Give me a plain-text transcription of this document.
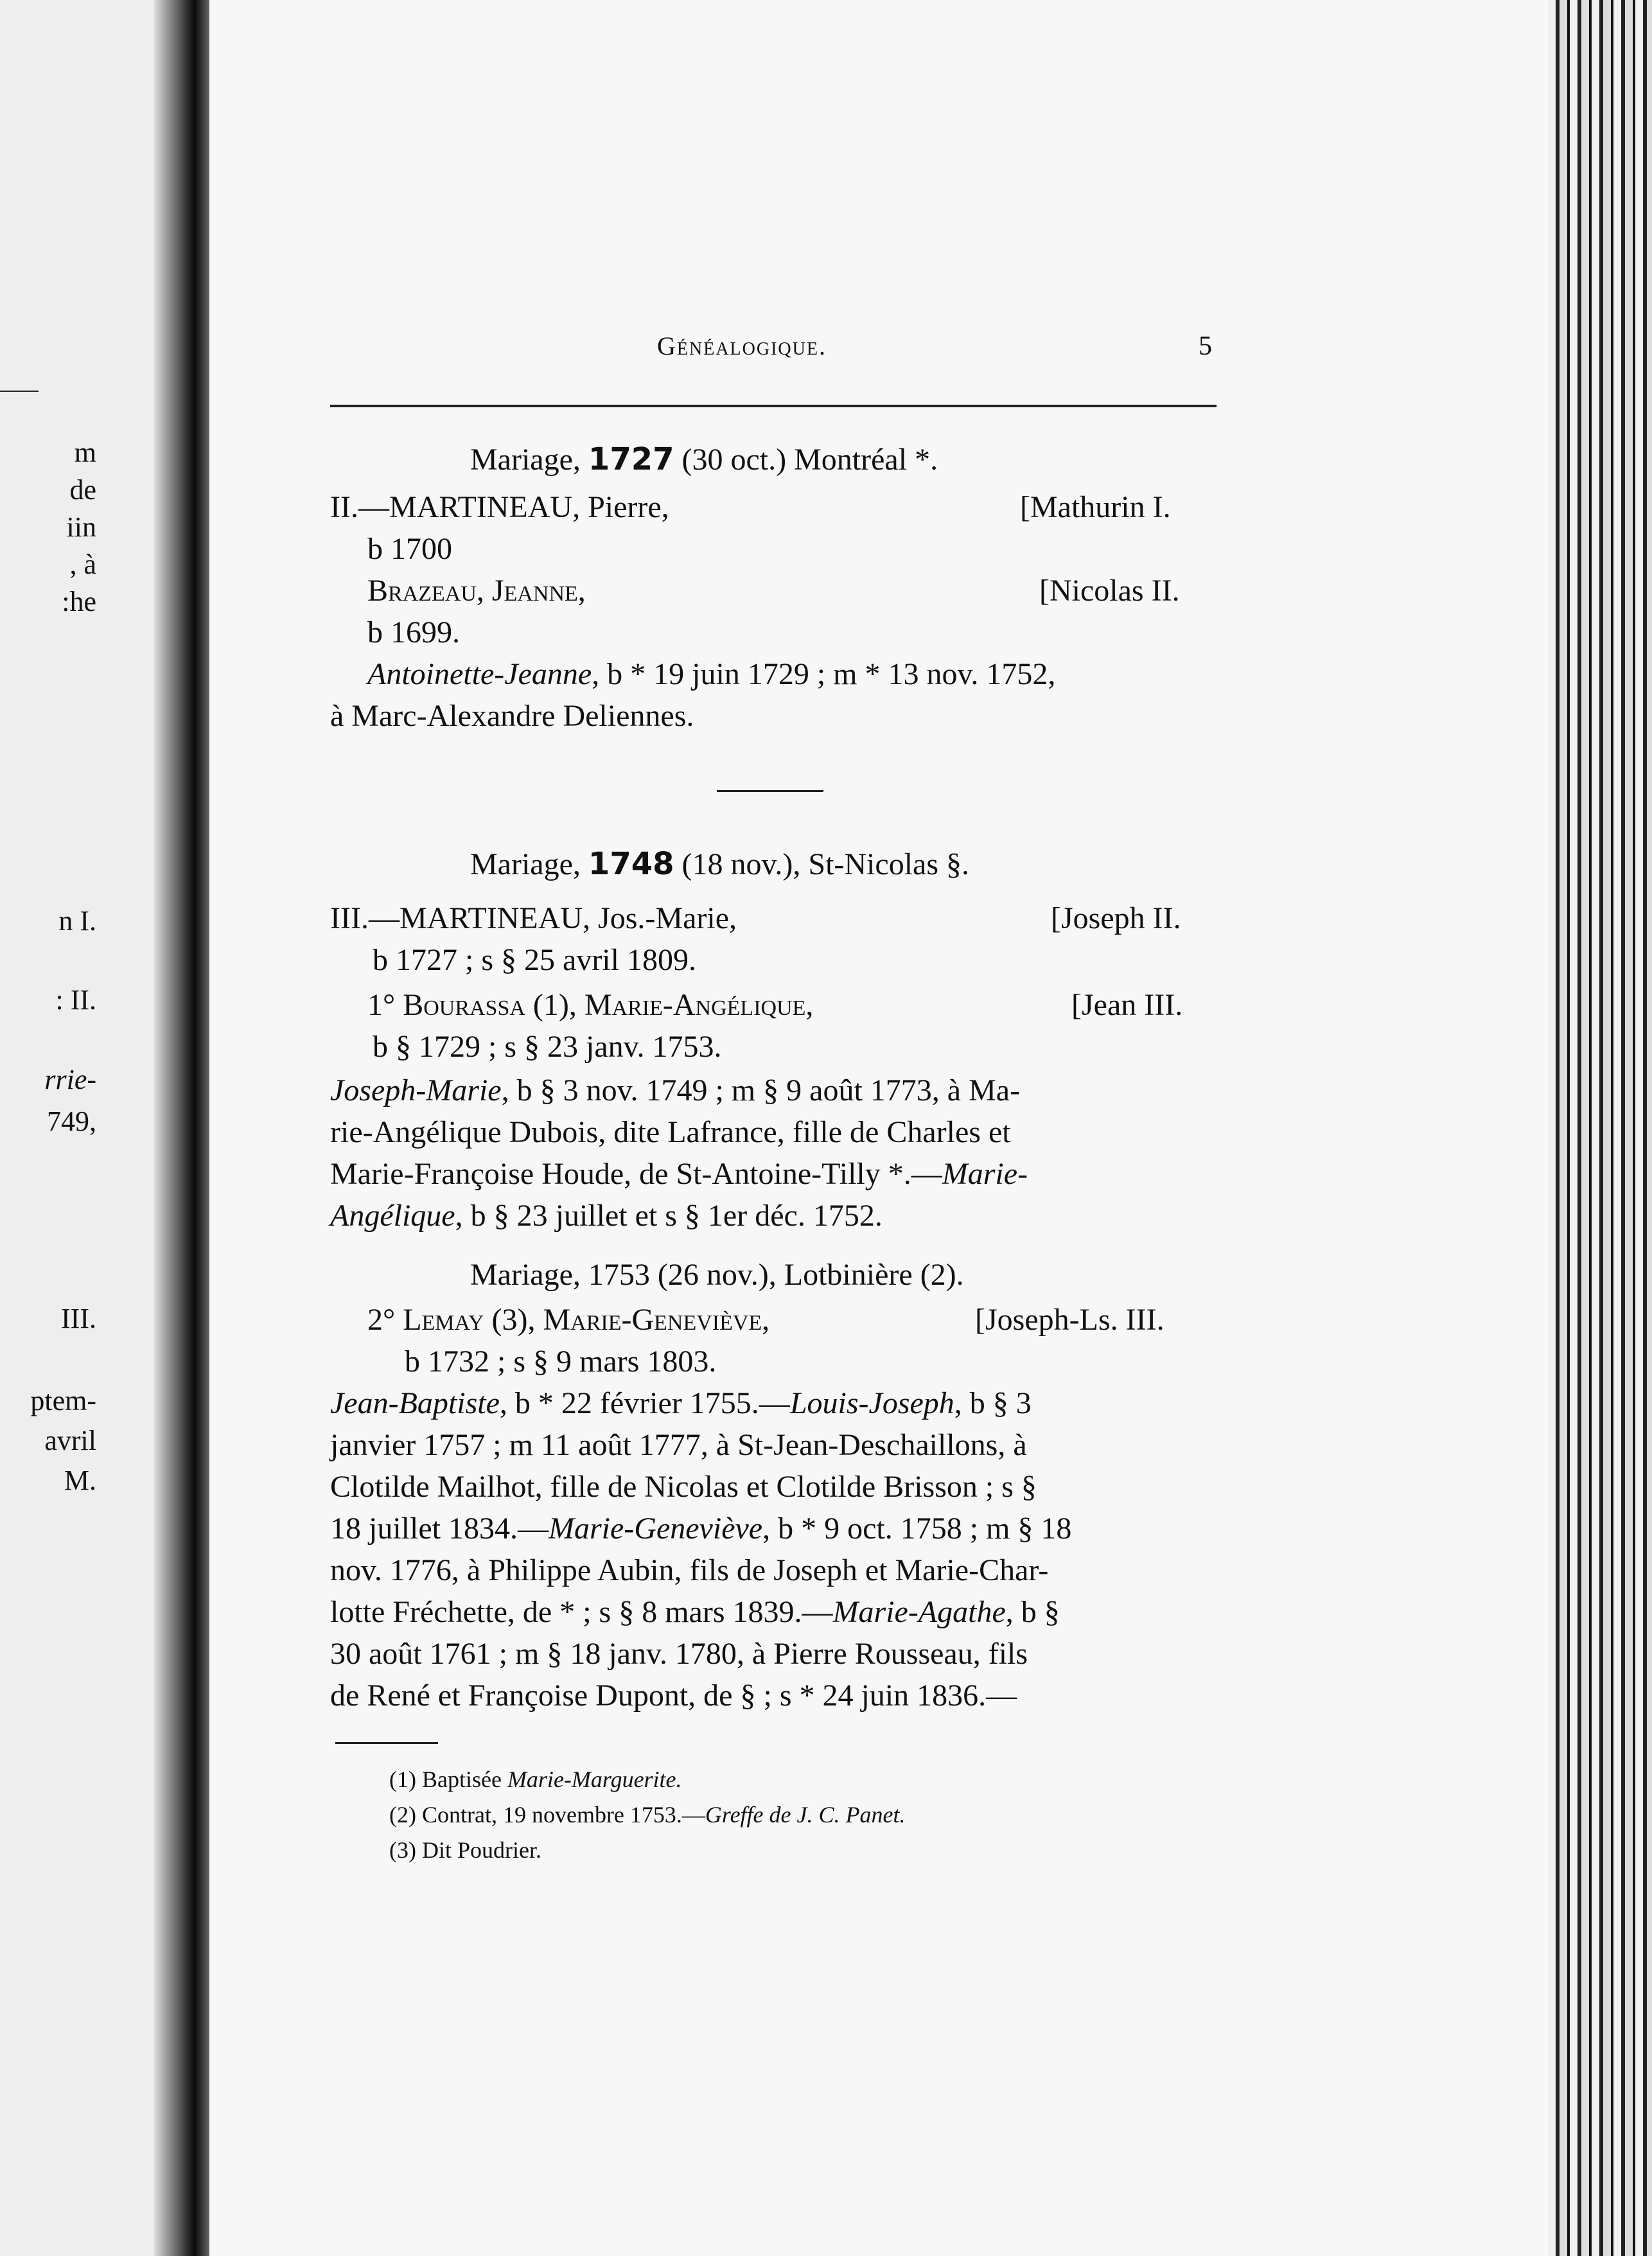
m
de
iin
, à
:he
n I.
: II.
rrie-
749,
III.
ptem-
avril
M.
Généalogique.	5
Mariage, 1727 (30 oct.) Montréal *.
II.—MARTINEAU, Pierre,	[Mathurin I.
b 1700
Brazeau, Jeanne,	[Nicolas II.
b 1699.
Antoinette-Jeanne, b * 19 juin 1729 ; m * 13 nov. 1752,
à Marc-Alexandre Deliennes.
Mariage, 1748 (18 nov.), St-Nicolas §.
III.—MARTINEAU, Jos.-Marie,	[Joseph II.
b 1727 ; s § 25 avril 1809.
1° Bourassa (1), Marie-Angélique,	[Jean III.
b § 1729 ; s § 23 janv. 1753.
Joseph-Marie, b § 3 nov. 1749 ; m § 9 août 1773, à Ma-
rie-Angélique Dubois, dite Lafrance, fille de Charles et
Marie-Françoise Houde, de St-Antoine-Tilly *.—Marie-
Angélique, b § 23 juillet et s § 1er déc. 1752.
Mariage, 1753 (26 nov.), Lotbinière (2).
2° Lemay (3), Marie-Geneviève,	[Joseph-Ls. III.
b 1732 ; s § 9 mars 1803.
Jean-Baptiste, b * 22 février 1755.—Louis-Joseph, b § 3
janvier 1757 ; m 11 août 1777, à St-Jean-Deschaillons, à
Clotilde Mailhot, fille de Nicolas et Clotilde Brisson ; s §
18 juillet 1834.—Marie-Geneviève, b * 9 oct. 1758 ; m § 18
nov. 1776, à Philippe Aubin, fils de Joseph et Marie-Char-
lotte Fréchette, de * ; s § 8 mars 1839.—Marie-Agathe, b §
30 août 1761 ; m § 18 janv. 1780, à Pierre Rousseau, fils
de René et Françoise Dupont, de § ; s * 24 juin 1836.—
(1) Baptisée Marie-Marguerite.
(2) Contrat, 19 novembre 1753.—Greffe de J. C. Panet.
(3) Dit Poudrier.
